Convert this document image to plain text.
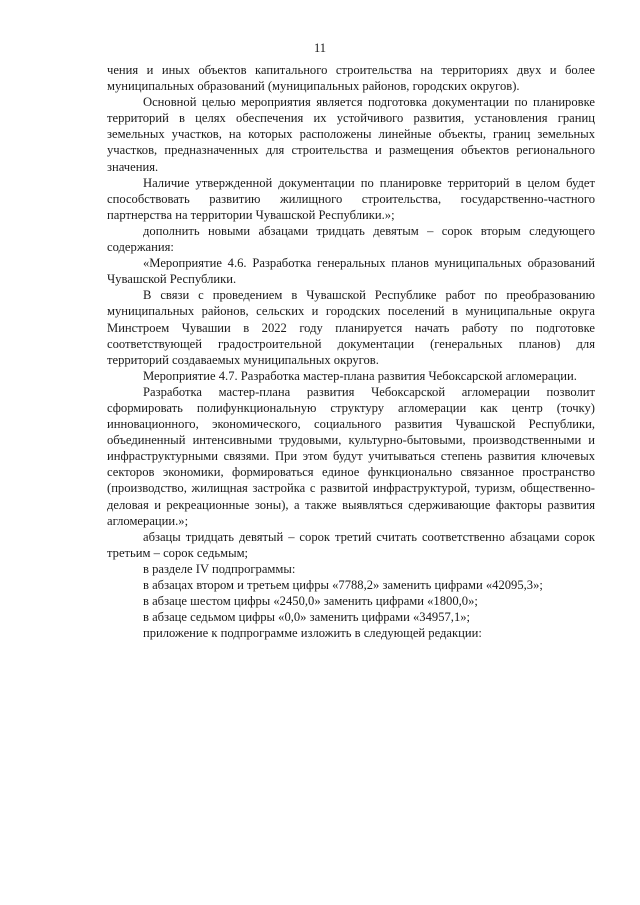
11

чения и иных объектов капитального строительства на территориях двух и более муниципальных образований (муниципальных районов, городских округов).

Основной целью мероприятия является подготовка документации по планировке территорий в целях обеспечения их устойчивого развития, установления границ земельных участков, на которых расположены линейные объекты, границ земельных участков, предназначенных для строительства и размещения объектов регионального значения.

Наличие утвержденной документации по планировке территорий в целом будет способствовать развитию жилищного строительства, государственно-частного партнерства на территории Чувашской Республики.»;

дополнить новыми абзацами тридцать девятым – сорок вторым следующего содержания:

«Мероприятие 4.6. Разработка генеральных планов муниципальных образований Чувашской Республики.

В связи с проведением в Чувашской Республике работ по преобразованию муниципальных районов, сельских и городских поселений в муниципальные округа Минстроем Чувашии в 2022 году планируется начать работу по подготовке соответствующей градостроительной документации (генеральных планов) для территорий создаваемых муниципальных округов.

Мероприятие 4.7. Разработка мастер-плана развития Чебоксарской агломерации.

Разработка мастер-плана развития Чебоксарской агломерации позволит сформировать полифункциональную структуру агломерации как центр (точку) инновационного, экономического, социального развития Чувашской Республики, объединенный интенсивными трудовыми, культурно-бытовыми, производственными и инфраструктурными связями. При этом будут учитываться степень развития ключевых секторов экономики, формироваться единое функционально связанное пространство (производство, жилищная застройка с развитой инфраструктурой, туризм, общественно-деловая и рекреационные зоны), а также выявляться сдерживающие факторы развития агломерации.»;

абзацы тридцать девятый – сорок третий считать соответственно абзацами сорок третьим – сорок седьмым;

в разделе IV подпрограммы:

в абзацах втором и третьем цифры «7788,2» заменить цифрами «42095,3»;

в абзаце шестом цифры «2450,0» заменить цифрами «1800,0»;

в абзаце седьмом цифры «0,0» заменить цифрами «34957,1»;

приложение к подпрограмме изложить в следующей редакции:
